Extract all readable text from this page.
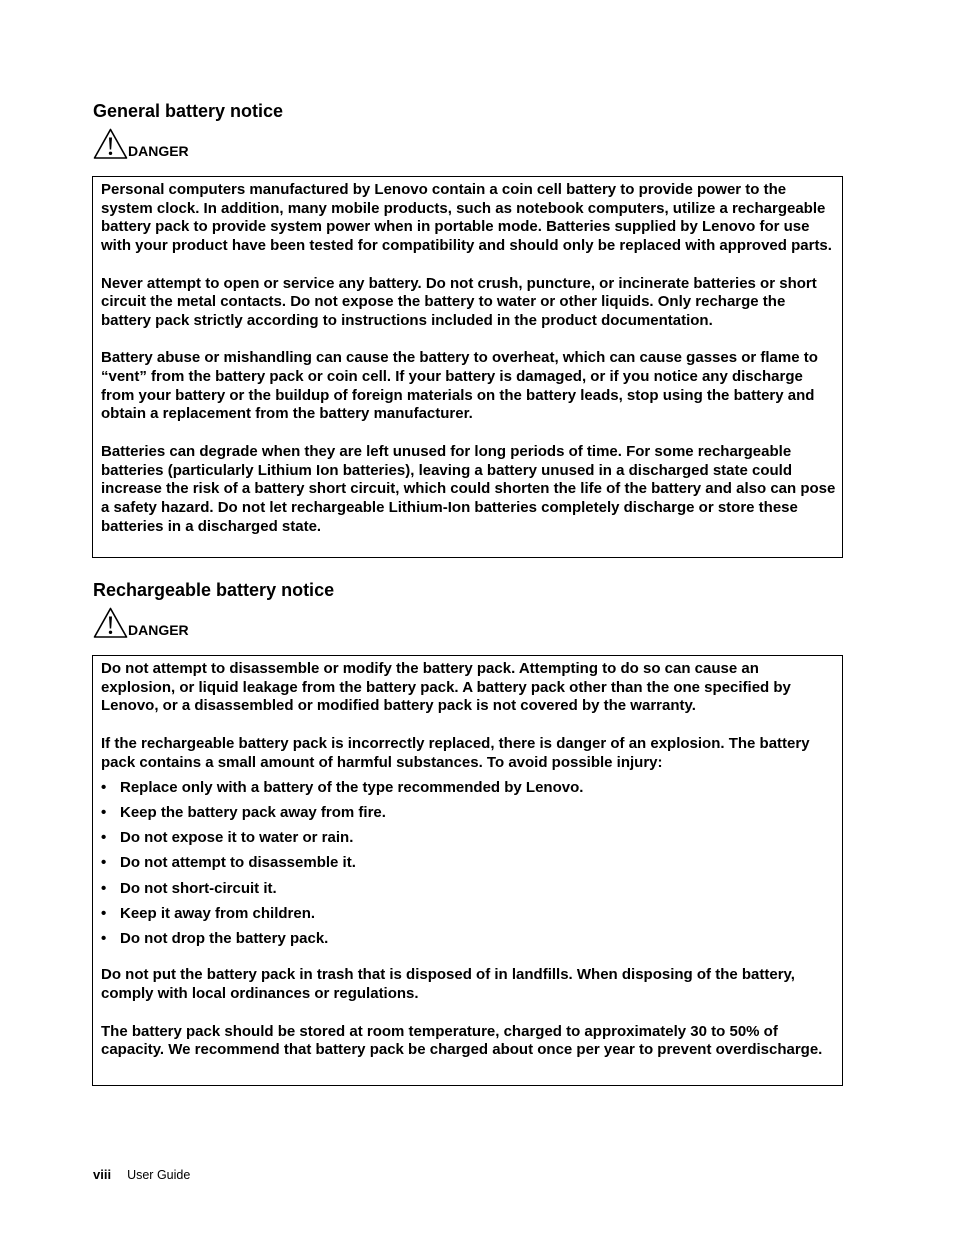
General battery notice
DANGER

Personal computers manufactured by Lenovo contain a coin cell battery to provide power to the system clock. In addition, many mobile products, such as notebook computers, utilize a rechargeable battery pack to provide system power when in portable mode. Batteries supplied by Lenovo for use with your product have been tested for compatibility and should only be replaced with approved parts.

Never attempt to open or service any battery. Do not crush, puncture, or incinerate batteries or short circuit the metal contacts. Do not expose the battery to water or other liquids. Only recharge the battery pack strictly according to instructions included in the product documentation.

Battery abuse or mishandling can cause the battery to overheat, which can cause gasses or flame to “vent” from the battery pack or coin cell. If your battery is damaged, or if you notice any discharge from your battery or the buildup of foreign materials on the battery leads, stop using the battery and obtain a replacement from the battery manufacturer.

Batteries can degrade when they are left unused for long periods of time. For some rechargeable batteries (particularly Lithium Ion batteries), leaving a battery unused in a discharged state could increase the risk of a battery short circuit, which could shorten the life of the battery and also can pose a safety hazard. Do not let rechargeable Lithium-Ion batteries completely discharge or store these batteries in a discharged state.

Rechargeable battery notice
DANGER

Do not attempt to disassemble or modify the battery pack. Attempting to do so can cause an explosion, or liquid leakage from the battery pack. A battery pack other than the one specified by Lenovo, or a disassembled or modified battery pack is not covered by the warranty.

If the rechargeable battery pack is incorrectly replaced, there is danger of an explosion. The battery pack contains a small amount of harmful substances. To avoid possible injury:

• Replace only with a battery of the type recommended by Lenovo.
• Keep the battery pack away from fire.
• Do not expose it to water or rain.
• Do not attempt to disassemble it.
• Do not short-circuit it.
• Keep it away from children.
• Do not drop the battery pack.

Do not put the battery pack in trash that is disposed of in landfills. When disposing of the battery, comply with local ordinances or regulations.

The battery pack should be stored at room temperature, charged to approximately 30 to 50% of capacity. We recommend that battery pack be charged about once per year to prevent overdischarge.

viii User Guide
